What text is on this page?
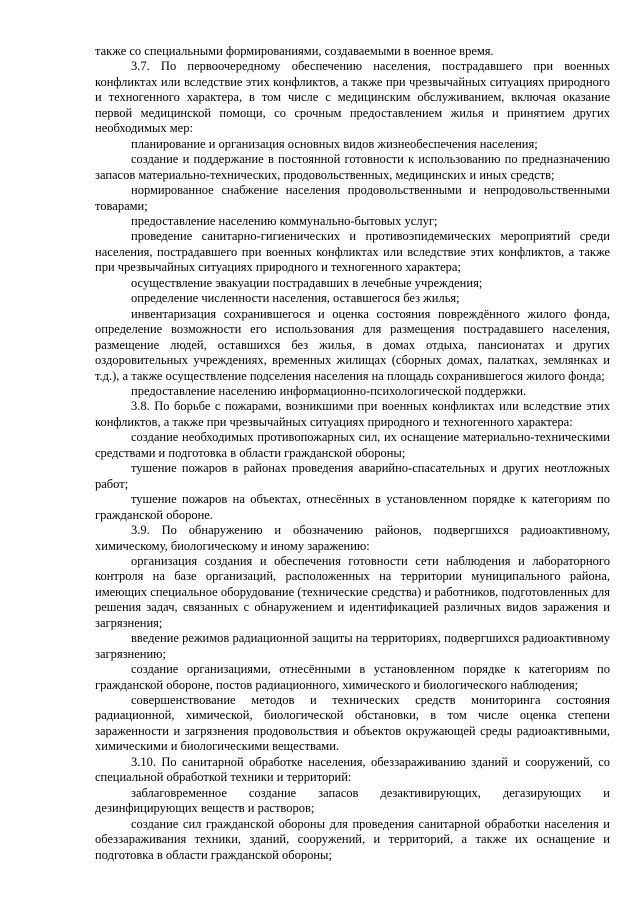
также со специальными формированиями, создаваемыми в военное время.

3.7. По первоочередному обеспечению населения, пострадавшего при военных конфликтах или вследствие этих конфликтов, а также при чрезвычайных ситуациях природного и техногенного характера, в том числе с медицинским обслуживанием, включая оказание первой медицинской помощи, со срочным предоставлением жилья и принятием других необходимых мер:

планирование и организация основных видов жизнеобеспечения населения;

создание и поддержание в постоянной готовности к использованию по предназначению запасов материально-технических, продовольственных, медицинских и иных средств;

нормированное снабжение населения продовольственными и непродовольственными товарами;

предоставление населению коммунально-бытовых услуг;

проведение санитарно-гигиенических и противоэпидемических мероприятий среди населения, пострадавшего при военных конфликтах или вследствие этих конфликтов, а также при чрезвычайных ситуациях природного и техногенного характера;

осуществление эвакуации пострадавших в лечебные учреждения;

определение численности населения, оставшегося без жилья;

инвентаризация сохранившегося и оценка состояния повреждённого жилого фонда, определение возможности его использования для размещения пострадавшего населения, размещение людей, оставшихся без жилья, в домах отдыха, пансионатах и других оздоровительных учреждениях, временных жилищах (сборных домах, палатках, землянках и т.д.), а также осуществление подселения населения на площадь сохранившегося жилого фонда;

предоставление населению информационно-психологической поддержки.

3.8. По борьбе с пожарами, возникшими при военных конфликтах или вследствие этих конфликтов, а также при чрезвычайных ситуациях природного и техногенного характера:

создание необходимых противопожарных сил, их оснащение материально-техническими средствами и подготовка в области гражданской обороны;

тушение пожаров в районах проведения аварийно-спасательных и других неотложных работ;

тушение пожаров на объектах, отнесённых в установленном порядке к категориям по гражданской обороне.

3.9. По обнаружению и обозначению районов, подвергшихся радиоактивному, химическому, биологическому и иному заражению:

организация создания и обеспечения готовности сети наблюдения и лабораторного контроля на базе организаций, расположенных на территории муниципального района, имеющих специальное оборудование (технические средства) и работников, подготовленных для решения задач, связанных с обнаружением и идентификацией различных видов заражения и загрязнения;

введение режимов радиационной защиты на территориях, подвергшихся радиоактивному загрязнению;

создание организациями, отнесёнными в установленном порядке к категориям по гражданской обороне, постов радиационного, химического и биологического наблюдения;

совершенствование методов и технических средств мониторинга состояния радиационной, химической, биологической обстановки, в том числе оценка степени зараженности и загрязнения продовольствия и объектов окружающей среды радиоактивными, химическими и биологическими веществами.

3.10. По санитарной обработке населения, обеззараживанию зданий и сооружений, со специальной обработкой техники и территорий:

заблаговременное создание запасов дезактивирующих, дегазирующих и дезинфицирующих веществ и растворов;

создание сил гражданской обороны для проведения санитарной обработки населения и обеззараживания техники, зданий, сооружений, и территорий, а также их оснащение и подготовка в области гражданской обороны;
